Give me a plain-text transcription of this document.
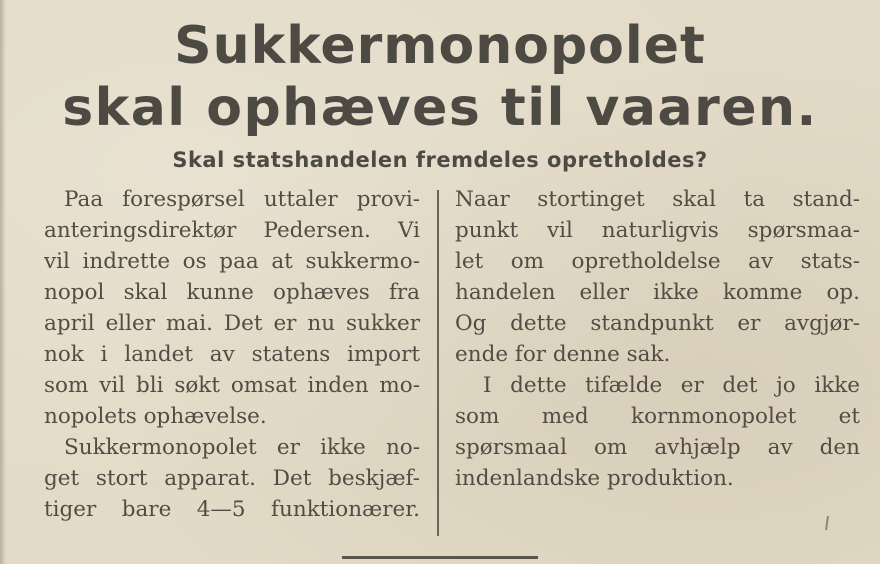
Sukkermonopolet
skal ophæves til vaaren.
Skal statshandelen fremdeles opretholdes?
Paa forespørsel uttaler provi-
anteringsdirektør Pedersen. Vi
vil indrette os paa at sukkermo-
nopol skal kunne ophæves fra
april eller mai. Det er nu sukker
nok i landet av statens import
som vil bli søkt omsat inden mo-
nopolets ophævelse.
Sukkermonopolet er ikke no-
get stort apparat. Det beskjæf-
tiger bare 4—5 funktionærer.
Naar stortinget skal ta stand-
punkt vil naturligvis spørsmaa-
let om opretholdelse av stats-
handelen eller ikke komme op.
Og dette standpunkt er avgjør-
ende for denne sak.
I dette tifælde er det jo ikke
som med kornmonopolet et
spørsmaal om avhjælp av den
indenlandske produktion.
